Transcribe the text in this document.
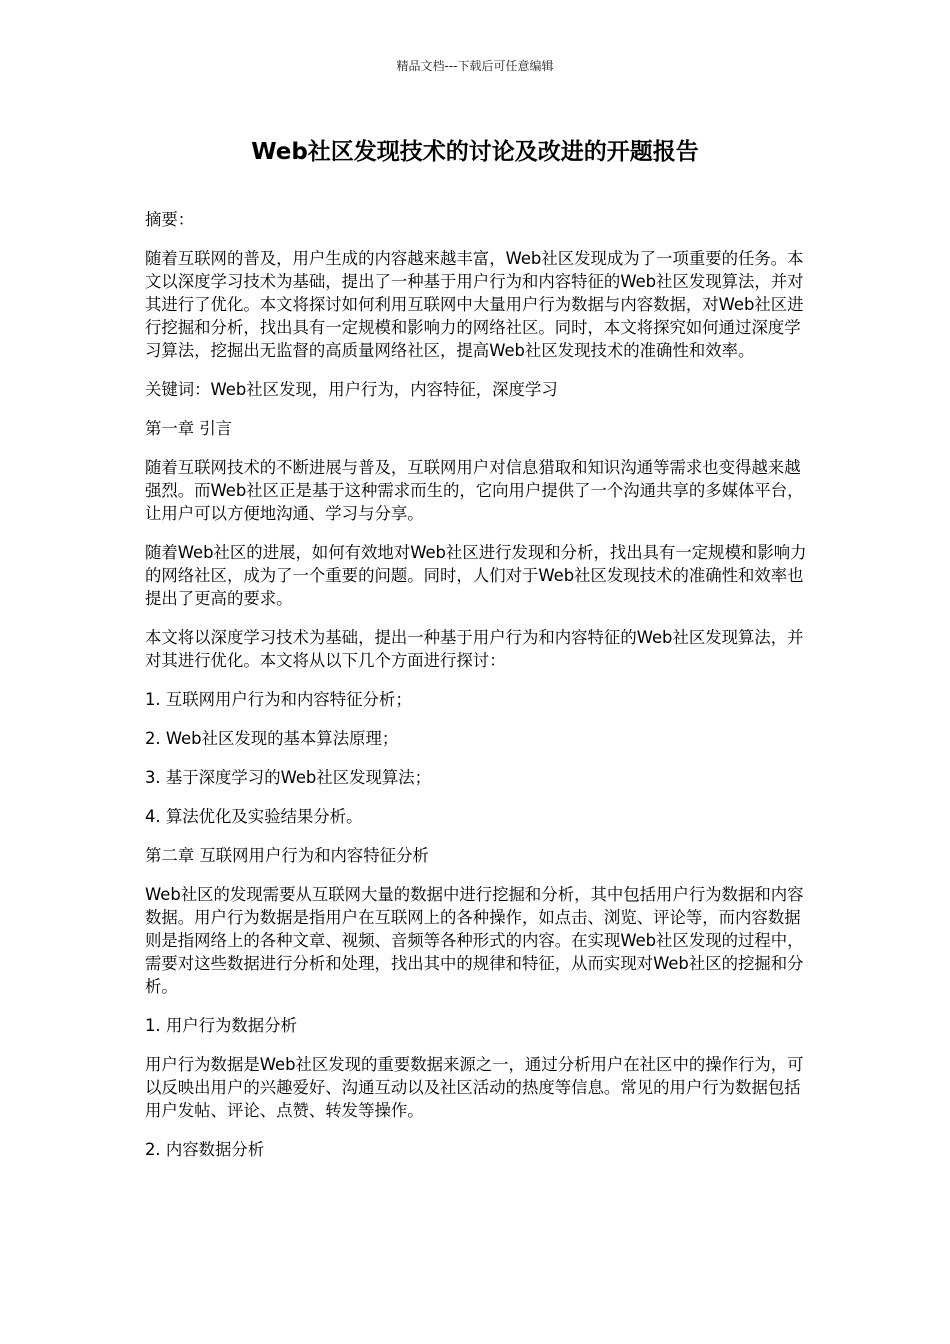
精品文档---下载后可任意编辑
Web社区发现技术的讨论及改进的开题报告

摘要：

随着互联网的普及，用户生成的内容越来越丰富，Web社区发现成为了一项重要的任务。本文以深度学习技术为基础，提出了一种基于用户行为和内容特征的Web社区发现算法，并对其进行了优化。本文将探讨如何利用互联网中大量用户行为数据与内容数据，对Web社区进行挖掘和分析，找出具有一定规模和影响力的网络社区。同时，本文将探究如何通过深度学习算法，挖掘出无监督的高质量网络社区，提高Web社区发现技术的准确性和效率。

关键词：Web社区发现，用户行为，内容特征，深度学习

第一章 引言

随着互联网技术的不断进展与普及，互联网用户对信息猎取和知识沟通等需求也变得越来越强烈。而Web社区正是基于这种需求而生的，它向用户提供了一个沟通共享的多媒体平台，让用户可以方便地沟通、学习与分享。

随着Web社区的进展，如何有效地对Web社区进行发现和分析，找出具有一定规模和影响力的网络社区，成为了一个重要的问题。同时，人们对于Web社区发现技术的准确性和效率也提出了更高的要求。

本文将以深度学习技术为基础，提出一种基于用户行为和内容特征的Web社区发现算法，并对其进行优化。本文将从以下几个方面进行探讨：

1. 互联网用户行为和内容特征分析；

2. Web社区发现的基本算法原理；

3. 基于深度学习的Web社区发现算法；

4. 算法优化及实验结果分析。

第二章 互联网用户行为和内容特征分析

Web社区的发现需要从互联网大量的数据中进行挖掘和分析，其中包括用户行为数据和内容数据。用户行为数据是指用户在互联网上的各种操作，如点击、浏览、评论等，而内容数据则是指网络上的各种文章、视频、音频等各种形式的内容。在实现Web社区发现的过程中，需要对这些数据进行分析和处理，找出其中的规律和特征，从而实现对Web社区的挖掘和分析。

1. 用户行为数据分析

用户行为数据是Web社区发现的重要数据来源之一，通过分析用户在社区中的操作行为，可以反映出用户的兴趣爱好、沟通互动以及社区活动的热度等信息。常见的用户行为数据包括用户发帖、评论、点赞、转发等操作。

2. 内容数据分析
